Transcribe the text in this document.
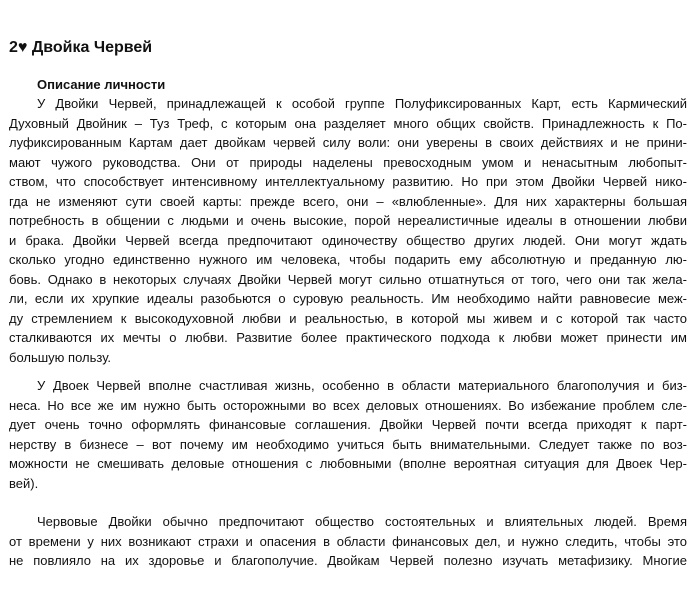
2♥ Двойка Червей
Описание личности
У Двойки Червей, принадлежащей к особой группе Полуфиксированных Карт, есть Кармический
Духовный Двойник – Туз Треф, с которым она разделяет много общих свойств. Принадлежность к По-
луфиксированным Картам дает двойкам червей силу воли: они уверены в своих действиях и не прини-
мают чужого руководства. Они от природы наделены превосходным умом и ненасытным любопыт-
ством, что способствует интенсивному интеллектуальному развитию. Но при этом Двойки Червей нико-
гда не изменяют сути своей карты: прежде всего, они – «влюбленные». Для них характерны большая
потребность в общении с людьми и очень высокие, порой нереалистичные идеалы в отношении любви
и брака. Двойки Червей всегда предпочитают одиночеству общество других людей. Они могут ждать
сколько угодно единственно нужного им человека, чтобы подарить ему абсолютную и преданную лю-
бовь. Однако в некоторых случаях Двойки Червей могут сильно отшатнуться от того, чего они так жела-
ли, если их хрупкие идеалы разобьются о суровую реальность. Им необходимо найти равновесие меж-
ду стремлением к высокодуховной любви и реальностью, в которой мы живем и с которой так часто
сталкиваются их мечты о любви. Развитие более практического подхода к любви может принести им
большую пользу.
У Двоек Червей вполне счастливая жизнь, особенно в области материального благополучия и биз-
неса. Но все же им нужно быть осторожными во всех деловых отношениях. Во избежание проблем сле-
дует очень точно оформлять финансовые соглашения. Двойки Червей почти всегда приходят к парт-
нерству в бизнесе – вот почему им необходимо учиться быть внимательными. Следует также по воз-
можности не смешивать деловые отношения с любовными (вполне вероятная ситуация для Двоек Чер-
вей).
Червовые Двойки обычно предпочитают общество состоятельных и влиятельных людей. Время
от времени у них возникают страхи и опасения в области финансовых дел, и нужно следить, чтобы это
не повлияло на их здоровье и благополучие. Двойкам Червей полезно изучать метафизику. Многие
